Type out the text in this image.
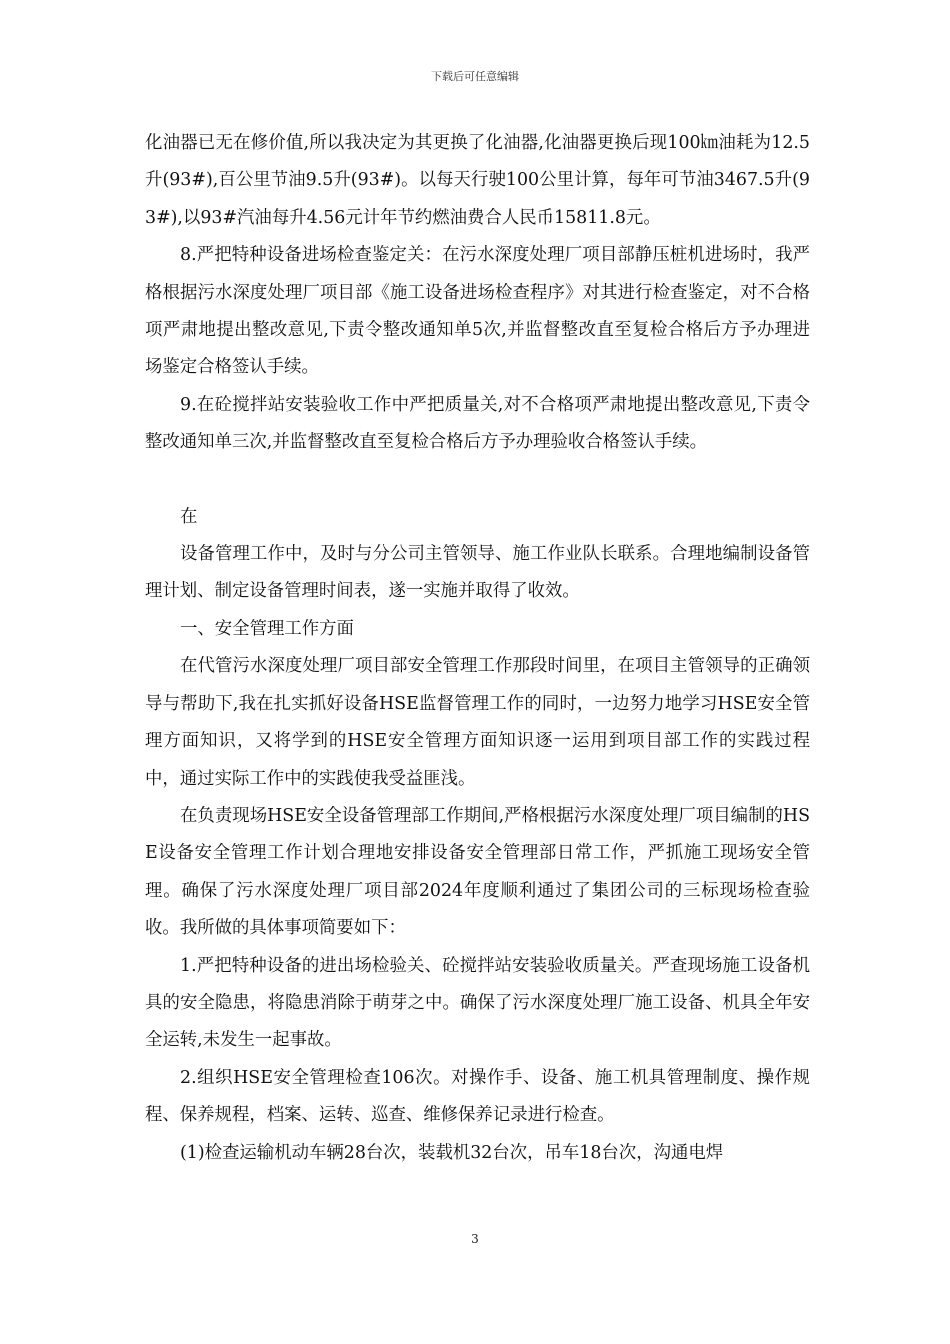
下载后可任意编辑

化油器已无在修价值,所以我决定为其更换了化油器,化油器更换后现100㎞油耗为12.5升(93#),百公里节油9.5升(93#)。以每天行驶100公里计算，每年可节油3467.5升(93#),以93#汽油每升4.56元计年节约燃油费合人民币15811.8元。

8.严把特种设备进场检查鉴定关：在污水深度处理厂项目部静压桩机进场时，我严格根据污水深度处理厂项目部《施工设备进场检查程序》对其进行检查鉴定，对不合格项严肃地提出整改意见,下责令整改通知单5次,并监督整改直至复检合格后方予办理进场鉴定合格签认手续。

9.在砼搅拌站安装验收工作中严把质量关,对不合格项严肃地提出整改意见,下责令整改通知单三次,并监督整改直至复检合格后方予办理验收合格签认手续。

在

设备管理工作中，及时与分公司主管领导、施工作业队长联系。合理地编制设备管理计划、制定设备管理时间表，遂一实施并取得了收效。

一、安全管理工作方面

在代管污水深度处理厂项目部安全管理工作那段时间里，在项目主管领导的正确领导与帮助下,我在扎实抓好设备HSE监督管理工作的同时，一边努力地学习HSE安全管理方面知识，又将学到的HSE安全管理方面知识逐一运用到项目部工作的实践过程中，通过实际工作中的实践使我受益匪浅。

在负责现场HSE安全设备管理部工作期间,严格根据污水深度处理厂项目编制的HSE设备安全管理工作计划合理地安排设备安全管理部日常工作，严抓施工现场安全管理。确保了污水深度处理厂项目部2024年度顺利通过了集团公司的三标现场检查验收。我所做的具体事项简要如下：

1.严把特种设备的进出场检验关、砼搅拌站安装验收质量关。严查现场施工设备机具的安全隐患，将隐患消除于萌芽之中。确保了污水深度处理厂施工设备、机具全年安全运转,未发生一起事故。

2.组织HSE安全管理检查106次。对操作手、设备、施工机具管理制度、操作规程、保养规程，档案、运转、巡查、维修保养记录进行检查。

(1)检查运输机动车辆28台次，装载机32台次，吊车18台次，沟通电焊

3
